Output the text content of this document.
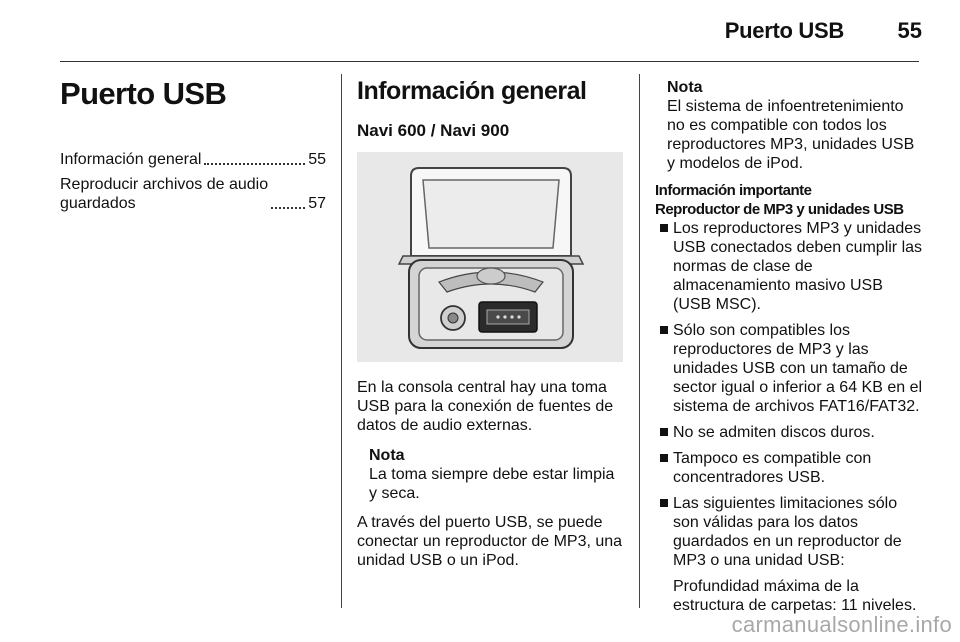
Puerto USB 55
Puerto USB
Información general	55
Reproducir archivos de audio
guardados	57
Información general
Navi 600 / Navi 900

En la consola central hay una toma USB para la conexión de fuentes de datos de audio externas.

Nota
La toma siempre debe estar limpia y seca.

A través del puerto USB, se puede conectar un reproductor de MP3, una unidad USB o un iPod.

Nota
El sistema de infoentretenimiento no es compatible con todos los reproductores MP3, unidades USB y modelos de iPod.
Información importante
Reproductor de MP3 y unidades USB
Los reproductores MP3 y unidades USB conectados deben cumplir las normas de clase de almacenamiento masivo USB (USB MSC).
Sólo son compatibles los reproductores de MP3 y las unidades USB con un tamaño de sector igual o inferior a 64 KB en el sistema de archivos FAT16/FAT32.
No se admiten discos duros.
Tampoco es compatible con concentradores USB.
Las siguientes limitaciones sólo son válidas para los datos guardados en un reproductor de MP3 o una unidad USB:
Profundidad máxima de la estructura de carpetas: 11 niveles.
carmanualsonline.info
